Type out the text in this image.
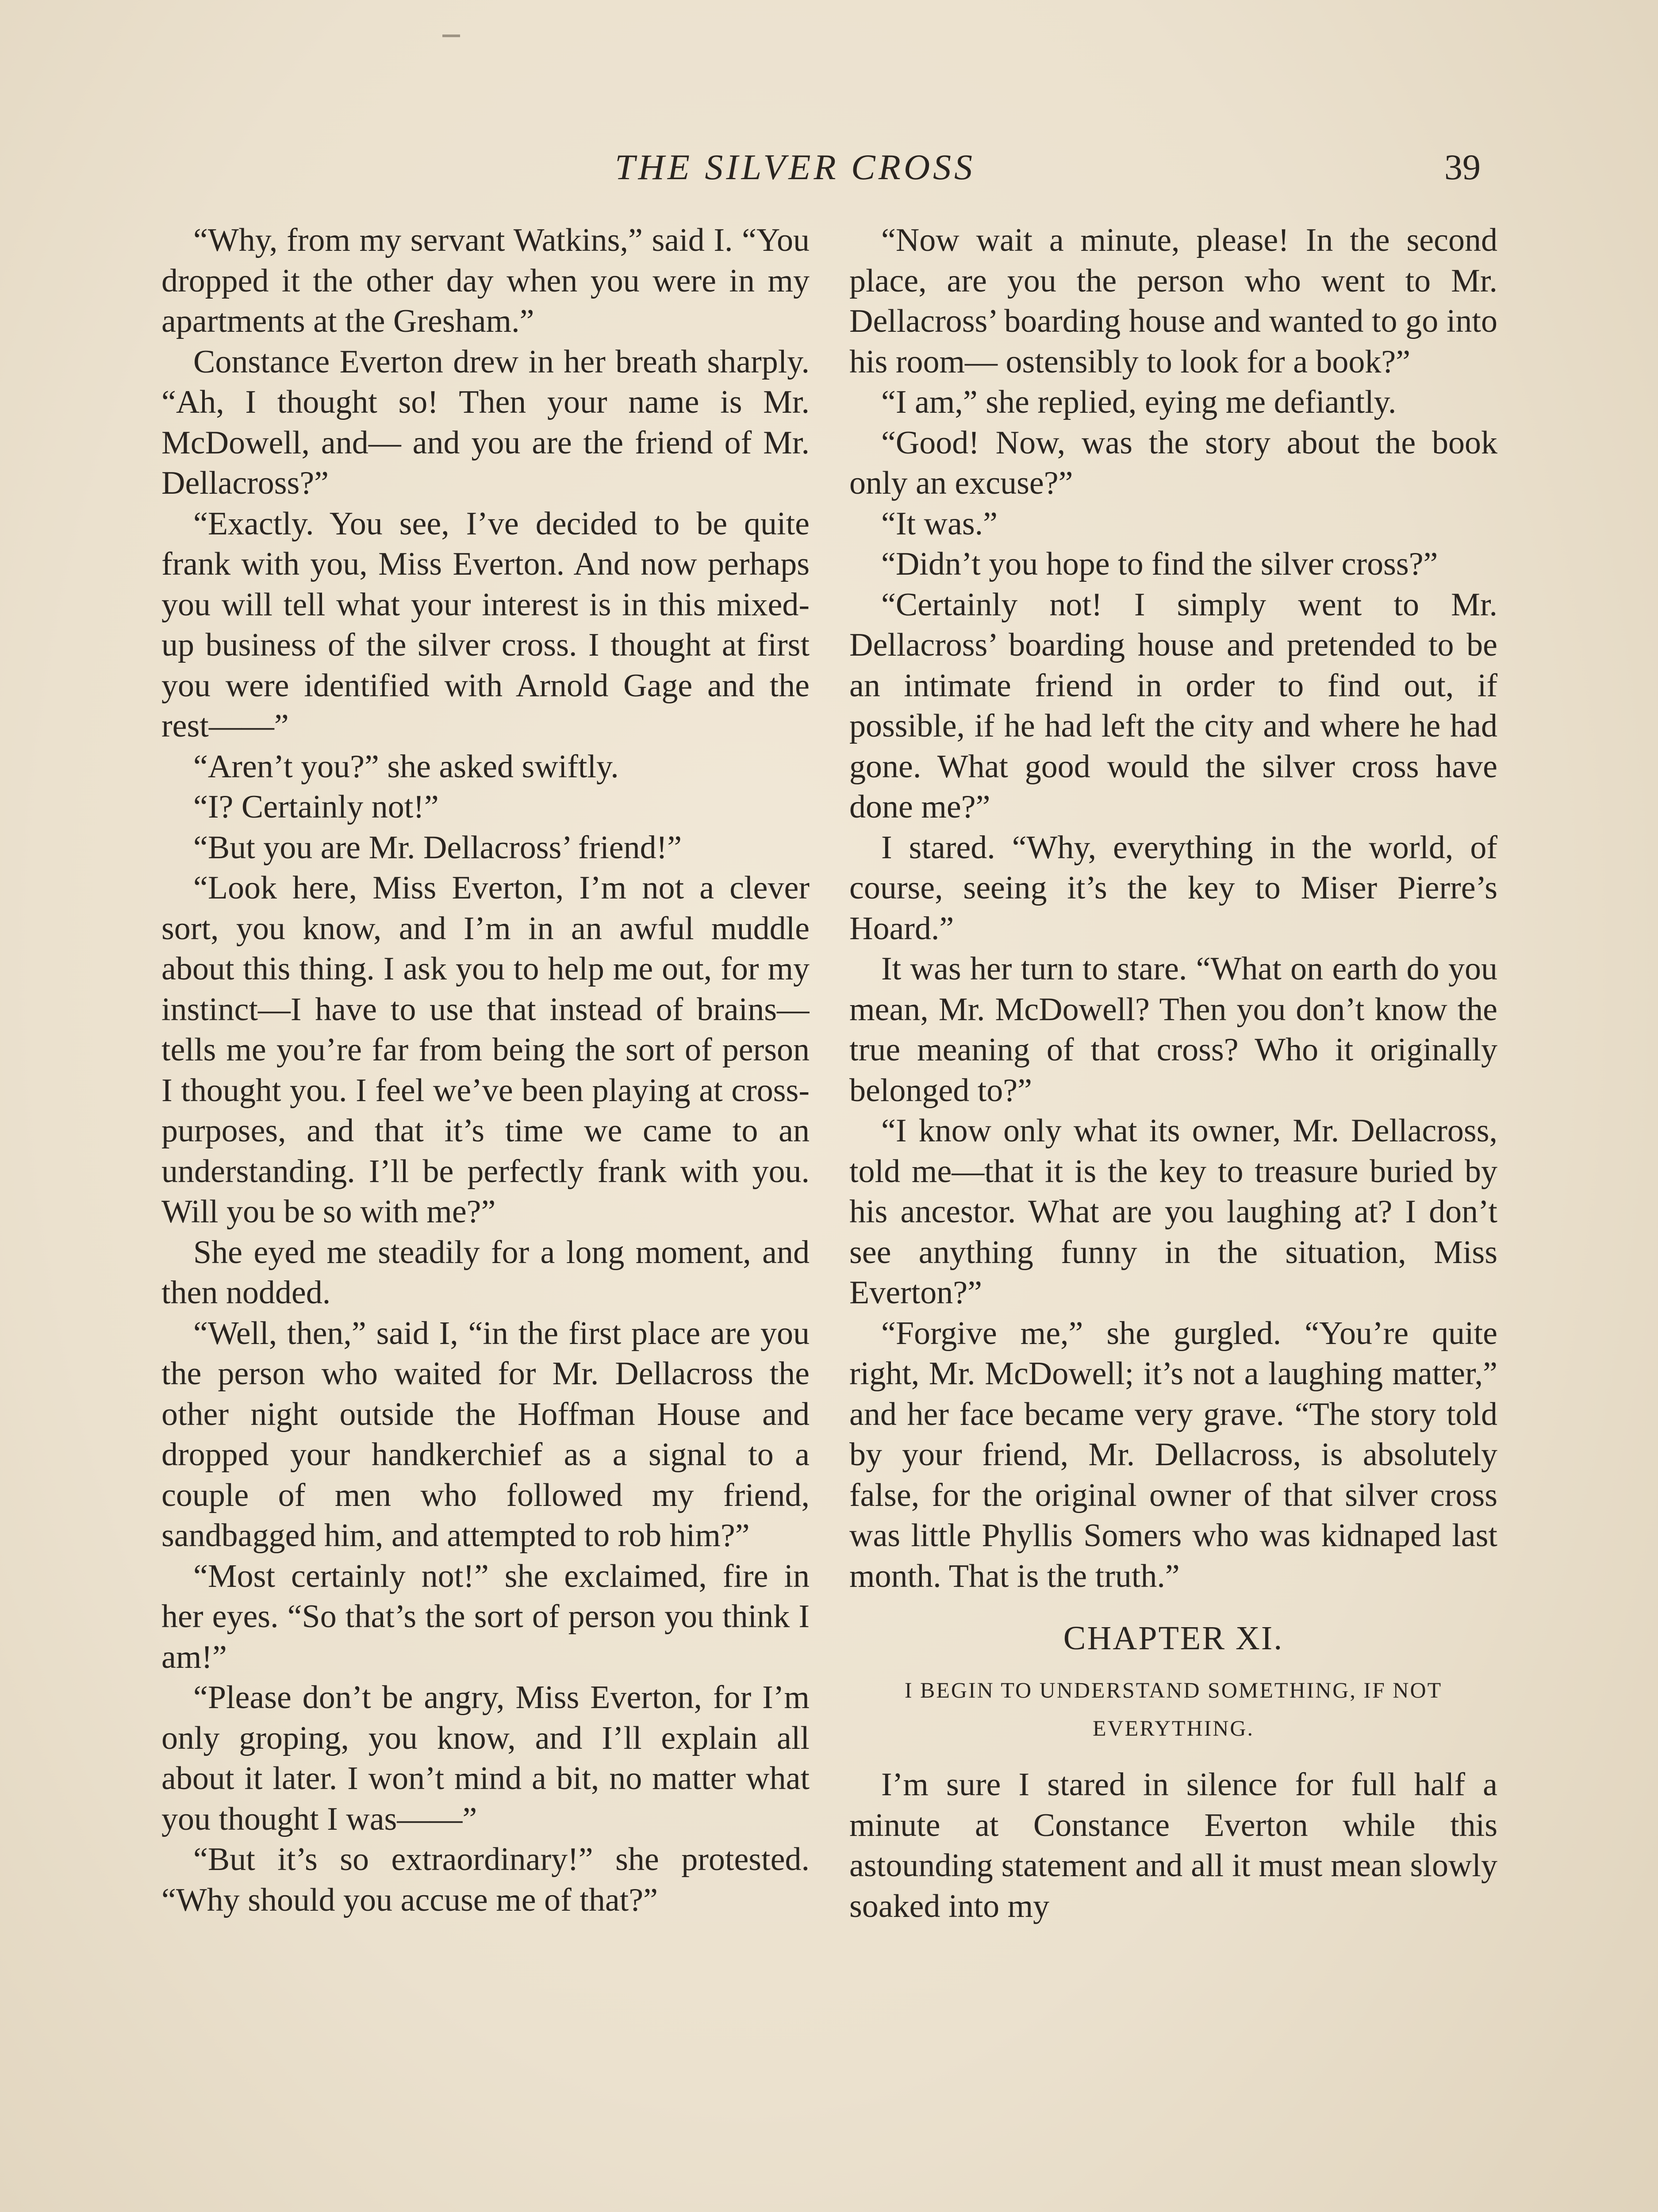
THE SILVER CROSS	39

“Why, from my servant Watkins,” said I. “You dropped it the other day when you were in my apartments at the Gresham.”

Constance Everton drew in her breath sharply. “Ah, I thought so! Then your name is Mr. McDowell, and— and you are the friend of Mr. Dellacross?”

“Exactly. You see, I’ve decided to be quite frank with you, Miss Everton. And now perhaps you will tell what your interest is in this mixed-up business of the silver cross. I thought at first you were identified with Arnold Gage and the rest——”

“Aren’t you?” she asked swiftly.

“I? Certainly not!”

“But you are Mr. Dellacross’ friend!”

“Look here, Miss Everton, I’m not a clever sort, you know, and I’m in an awful muddle about this thing. I ask you to help me out, for my instinct—I have to use that instead of brains—tells me you’re far from being the sort of person I thought you. I feel we’ve been playing at cross-purposes, and that it’s time we came to an understanding. I’ll be perfectly frank with you. Will you be so with me?”

She eyed me steadily for a long moment, and then nodded.

“Well, then,” said I, “in the first place are you the person who waited for Mr. Dellacross the other night outside the Hoffman House and dropped your handkerchief as a signal to a couple of men who followed my friend, sandbagged him, and attempted to rob him?”

“Most certainly not!” she exclaimed, fire in her eyes. “So that’s the sort of person you think I am!”

“Please don’t be angry, Miss Everton, for I’m only groping, you know, and I’ll explain all about it later. I won’t mind a bit, no matter what you thought I was——”

“But it’s so extraordinary!” she protested. “Why should you accuse me of that?”

“Now wait a minute, please! In the second place, are you the person who went to Mr. Dellacross’ boarding house and wanted to go into his room— ostensibly to look for a book?”

“I am,” she replied, eying me defiantly.

“Good! Now, was the story about the book only an excuse?”

“It was.”

“Didn’t you hope to find the silver cross?”

“Certainly not! I simply went to Mr. Dellacross’ boarding house and pretended to be an intimate friend in order to find out, if possible, if he had left the city and where he had gone. What good would the silver cross have done me?”

I stared. “Why, everything in the world, of course, seeing it’s the key to Miser Pierre’s Hoard.”

It was her turn to stare. “What on earth do you mean, Mr. McDowell? Then you don’t know the true meaning of that cross? Who it originally belonged to?”

“I know only what its owner, Mr. Dellacross, told me—that it is the key to treasure buried by his ancestor. What are you laughing at? I don’t see anything funny in the situation, Miss Everton?”

“Forgive me,” she gurgled. “You’re quite right, Mr. McDowell; it’s not a laughing matter,” and her face became very grave. “The story told by your friend, Mr. Dellacross, is absolutely false, for the original owner of that silver cross was little Phyllis Somers who was kidnaped last month. That is the truth.”

CHAPTER XI.
I BEGIN TO UNDERSTAND SOMETHING, IF NOT EVERYTHING.

I’m sure I stared in silence for full half a minute at Constance Everton while this astounding statement and all it must mean slowly soaked into my
